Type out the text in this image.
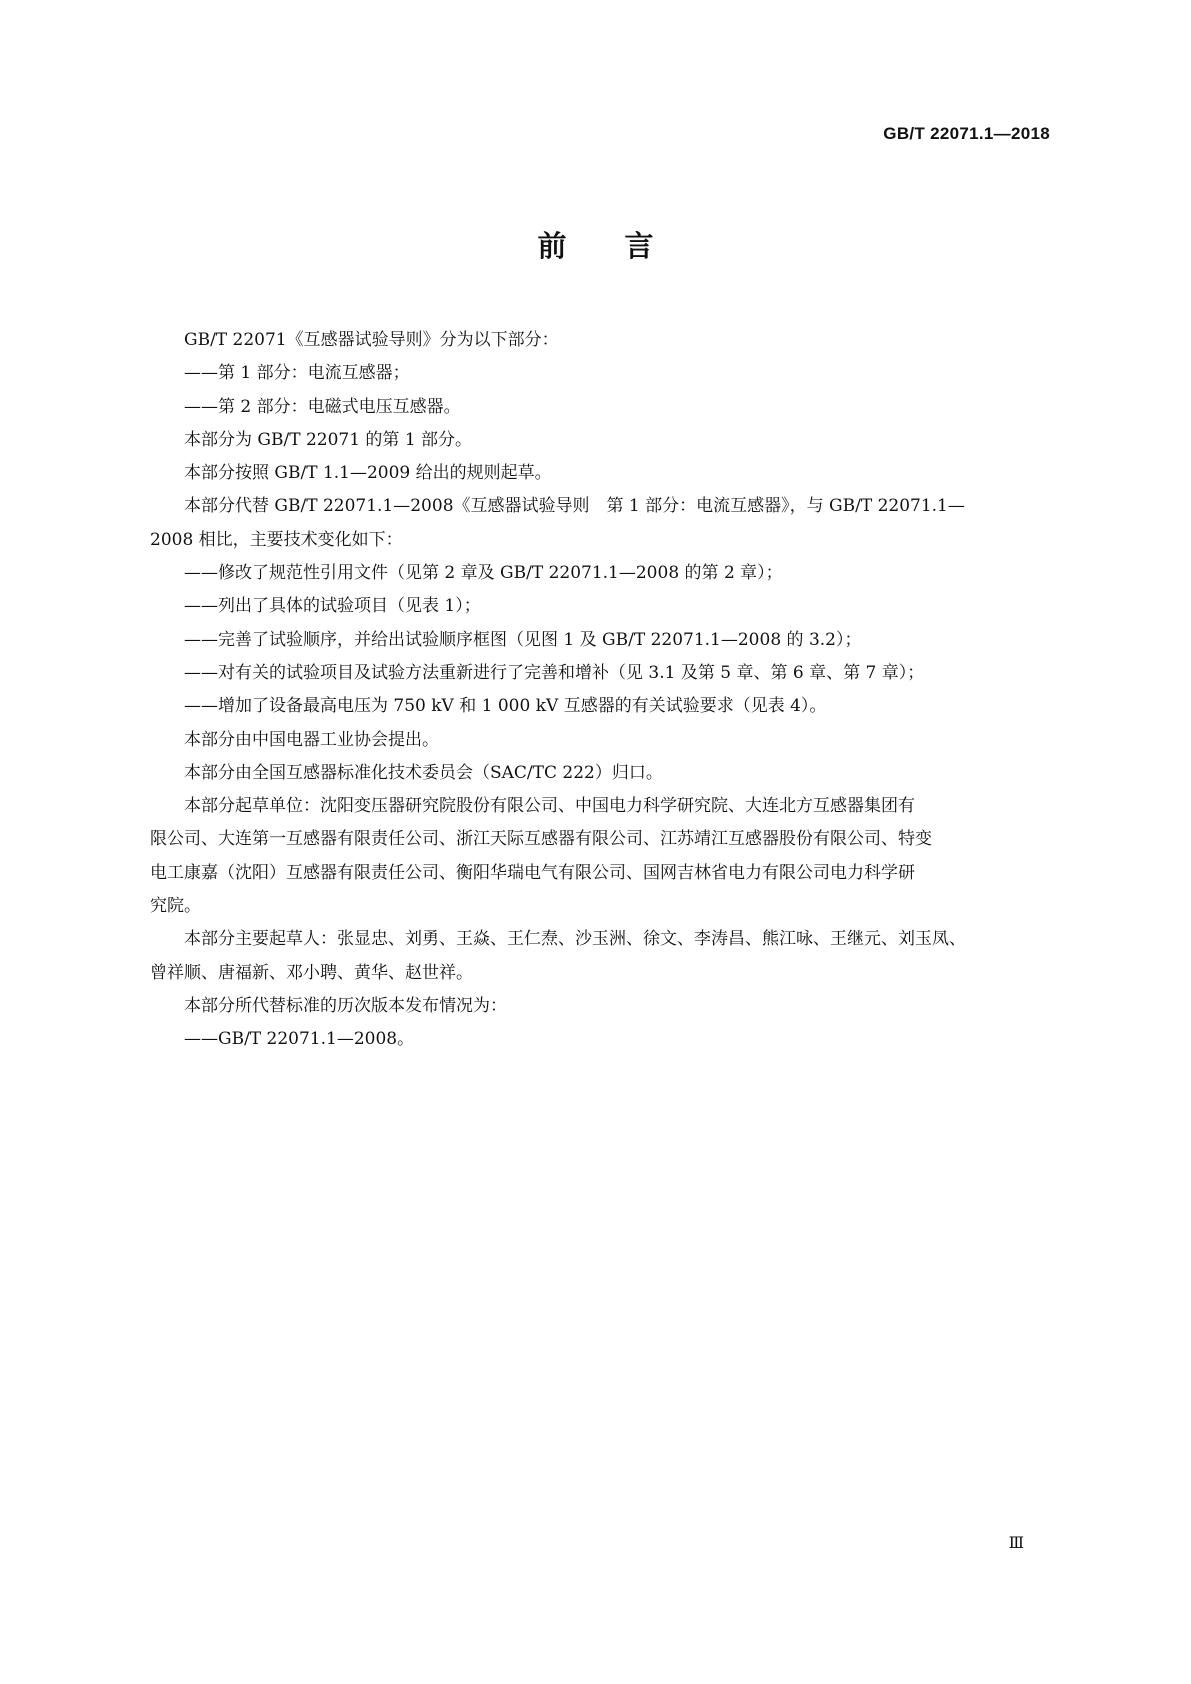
GB/T 22071.1—2018
前言

GB/T 22071《互感器试验导则》分为以下部分：

——第 1 部分：电流互感器；

——第 2 部分：电磁式电压互感器。

本部分为 GB/T 22071 的第 1 部分。

本部分按照 GB/T 1.1—2009 给出的规则起草。

本部分代替 GB/T 22071.1—2008《互感器试验导则　第 1 部分：电流互感器》，与 GB/T 22071.1—

2008 相比，主要技术变化如下：

——修改了规范性引用文件（见第 2 章及 GB/T 22071.1—2008 的第 2 章）；

——列出了具体的试验项目（见表 1）；

——完善了试验顺序，并给出试验顺序框图（见图 1 及 GB/T 22071.1—2008 的 3.2）；

——对有关的试验项目及试验方法重新进行了完善和增补（见 3.1 及第 5 章、第 6 章、第 7 章）；

——增加了设备最高电压为 750 kV 和 1 000 kV 互感器的有关试验要求（见表 4）。

本部分由中国电器工业协会提出。

本部分由全国互感器标准化技术委员会（SAC/TC 222）归口。

本部分起草单位：沈阳变压器研究院股份有限公司、中国电力科学研究院、大连北方互感器集团有

限公司、大连第一互感器有限责任公司、浙江天际互感器有限公司、江苏靖江互感器股份有限公司、特变

电工康嘉（沈阳）互感器有限责任公司、衡阳华瑞电气有限公司、国网吉林省电力有限公司电力科学研

究院。

本部分主要起草人：张显忠、刘勇、王焱、王仁焘、沙玉洲、徐文、李涛昌、熊江咏、王继元、刘玉凤、

曾祥顺、唐福新、邓小聘、黄华、赵世祥。

本部分所代替标准的历次版本发布情况为：

——GB/T 22071.1—2008。

Ⅲ
